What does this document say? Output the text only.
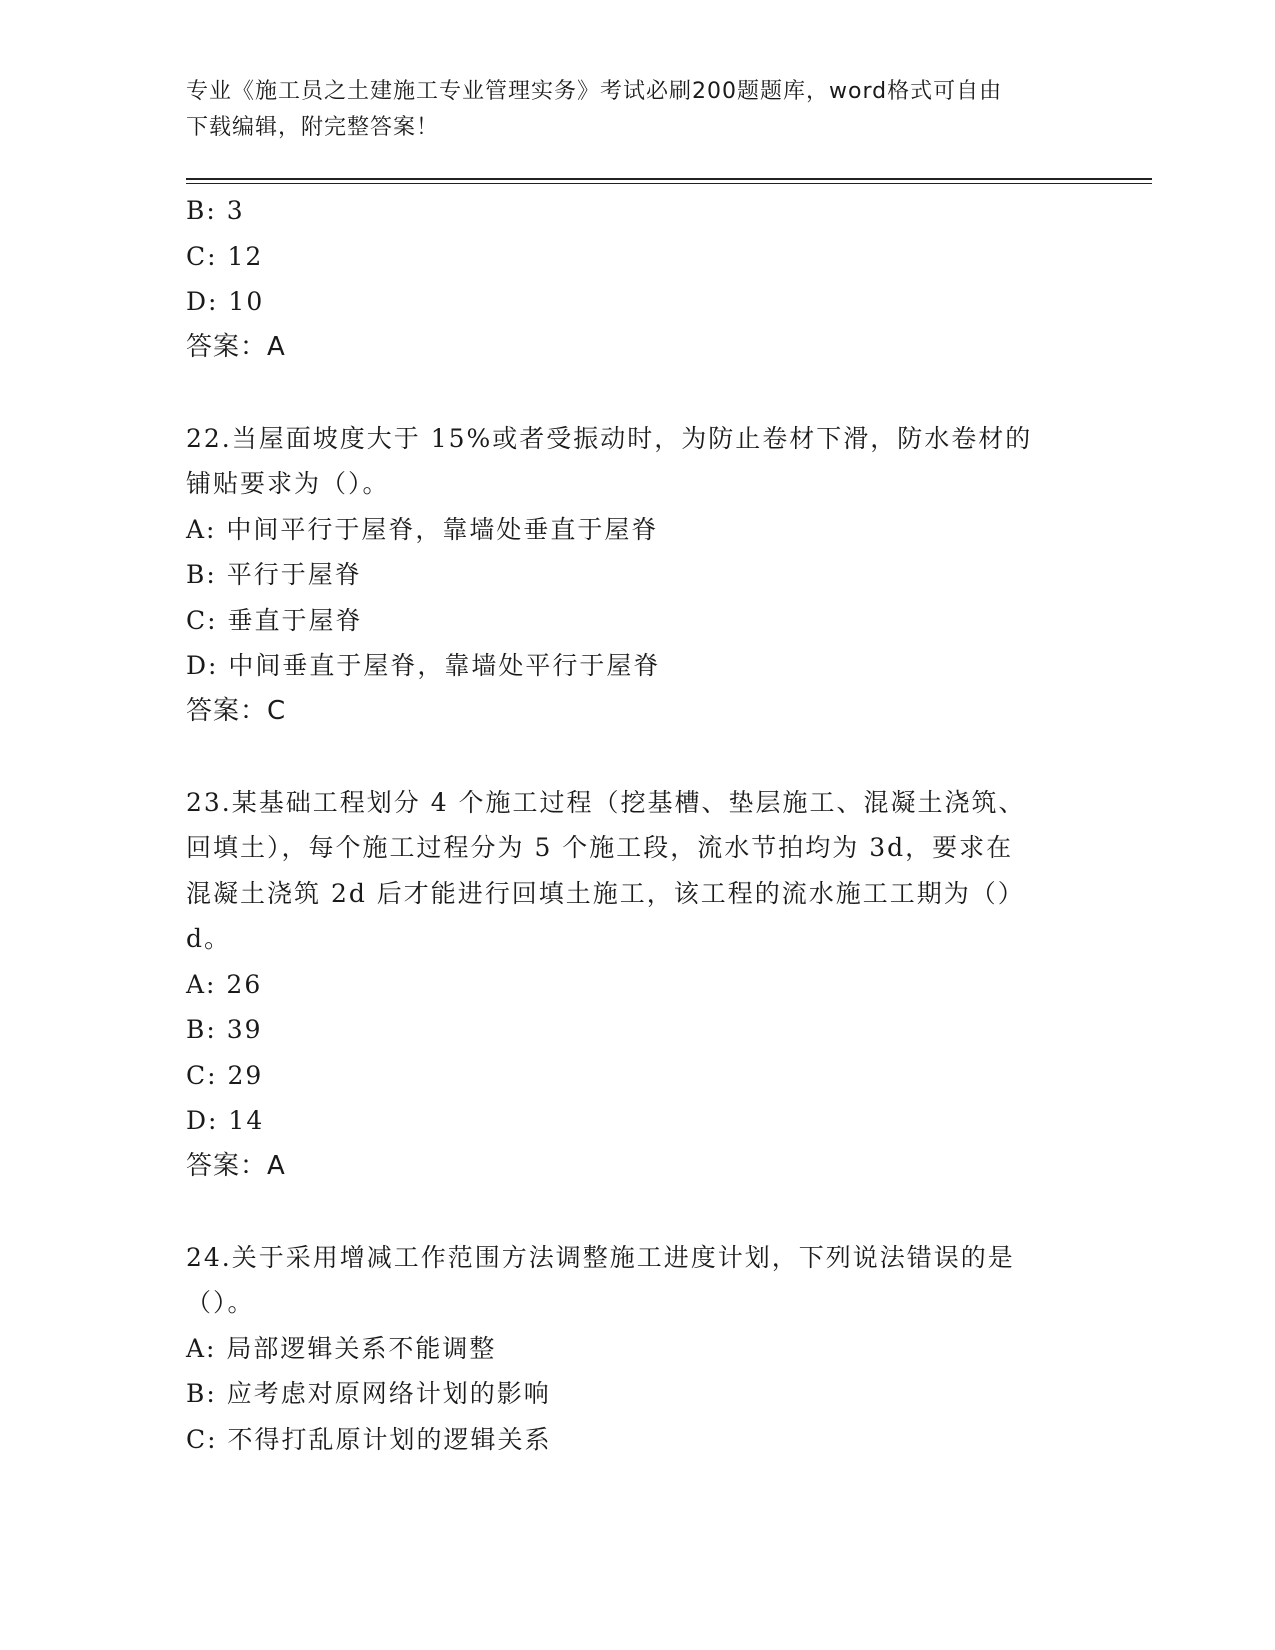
专业《施工员之土建施工专业管理实务》考试必刷200题题库，word格式可自由
下载编辑，附完整答案！
B: 3
C: 12
D: 10
答案：A
22.当屋面坡度大于 15%或者受振动时，为防止卷材下滑，防水卷材的
铺贴要求为（）。
A: 中间平行于屋脊，靠墙处垂直于屋脊
B: 平行于屋脊
C: 垂直于屋脊
D: 中间垂直于屋脊，靠墙处平行于屋脊
答案：C
23.某基础工程划分 4 个施工过程（挖基槽、垫层施工、混凝土浇筑、
回填土），每个施工过程分为 5 个施工段，流水节拍均为 3d，要求在
混凝土浇筑 2d 后才能进行回填土施工，该工程的流水施工工期为（）
d。
A: 26
B: 39
C: 29
D: 14
答案：A
24.关于采用增减工作范围方法调整施工进度计划，下列说法错误的是
（）。
A: 局部逻辑关系不能调整
B: 应考虑对原网络计划的影响
C: 不得打乱原计划的逻辑关系
